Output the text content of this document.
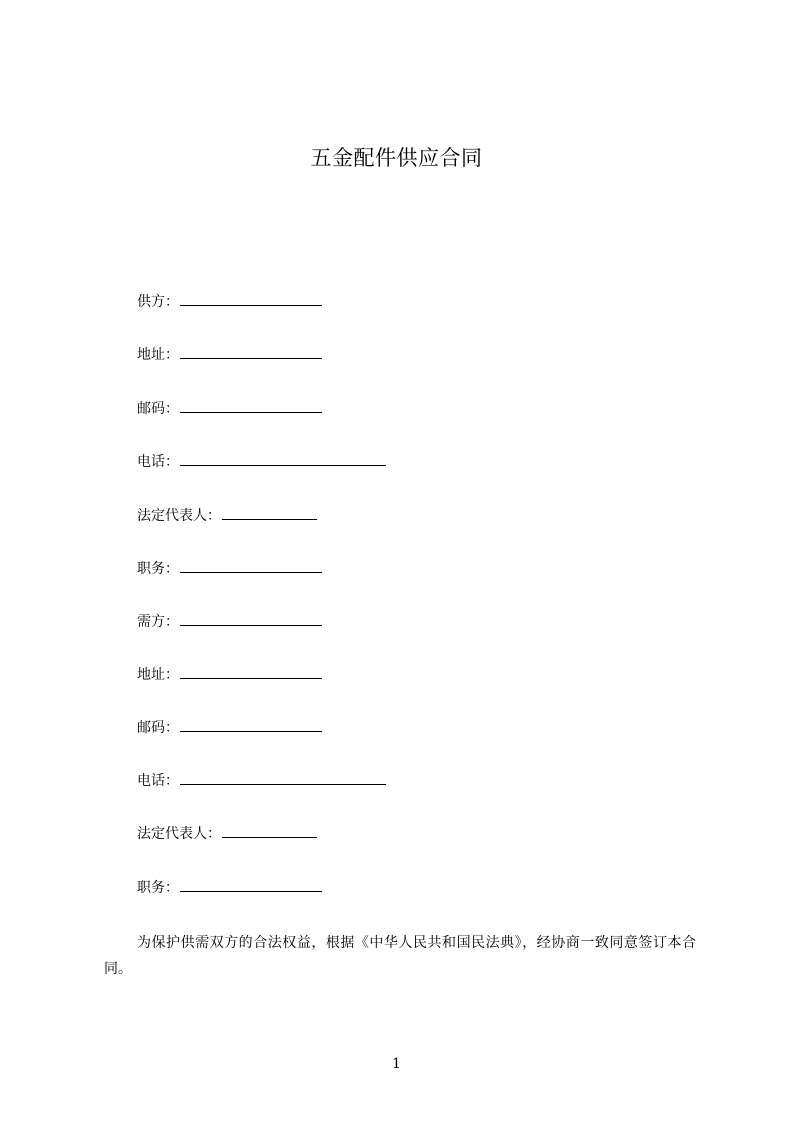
五金配件供应合同
供方：
地址：
邮码：
电话：
法定代表人：
职务：
需方：
地址：
邮码：
电话：
法定代表人：
职务：
为保护供需双方的合法权益，根据《中华人民共和国民法典》，经协商一致同意签订本合同。
1
